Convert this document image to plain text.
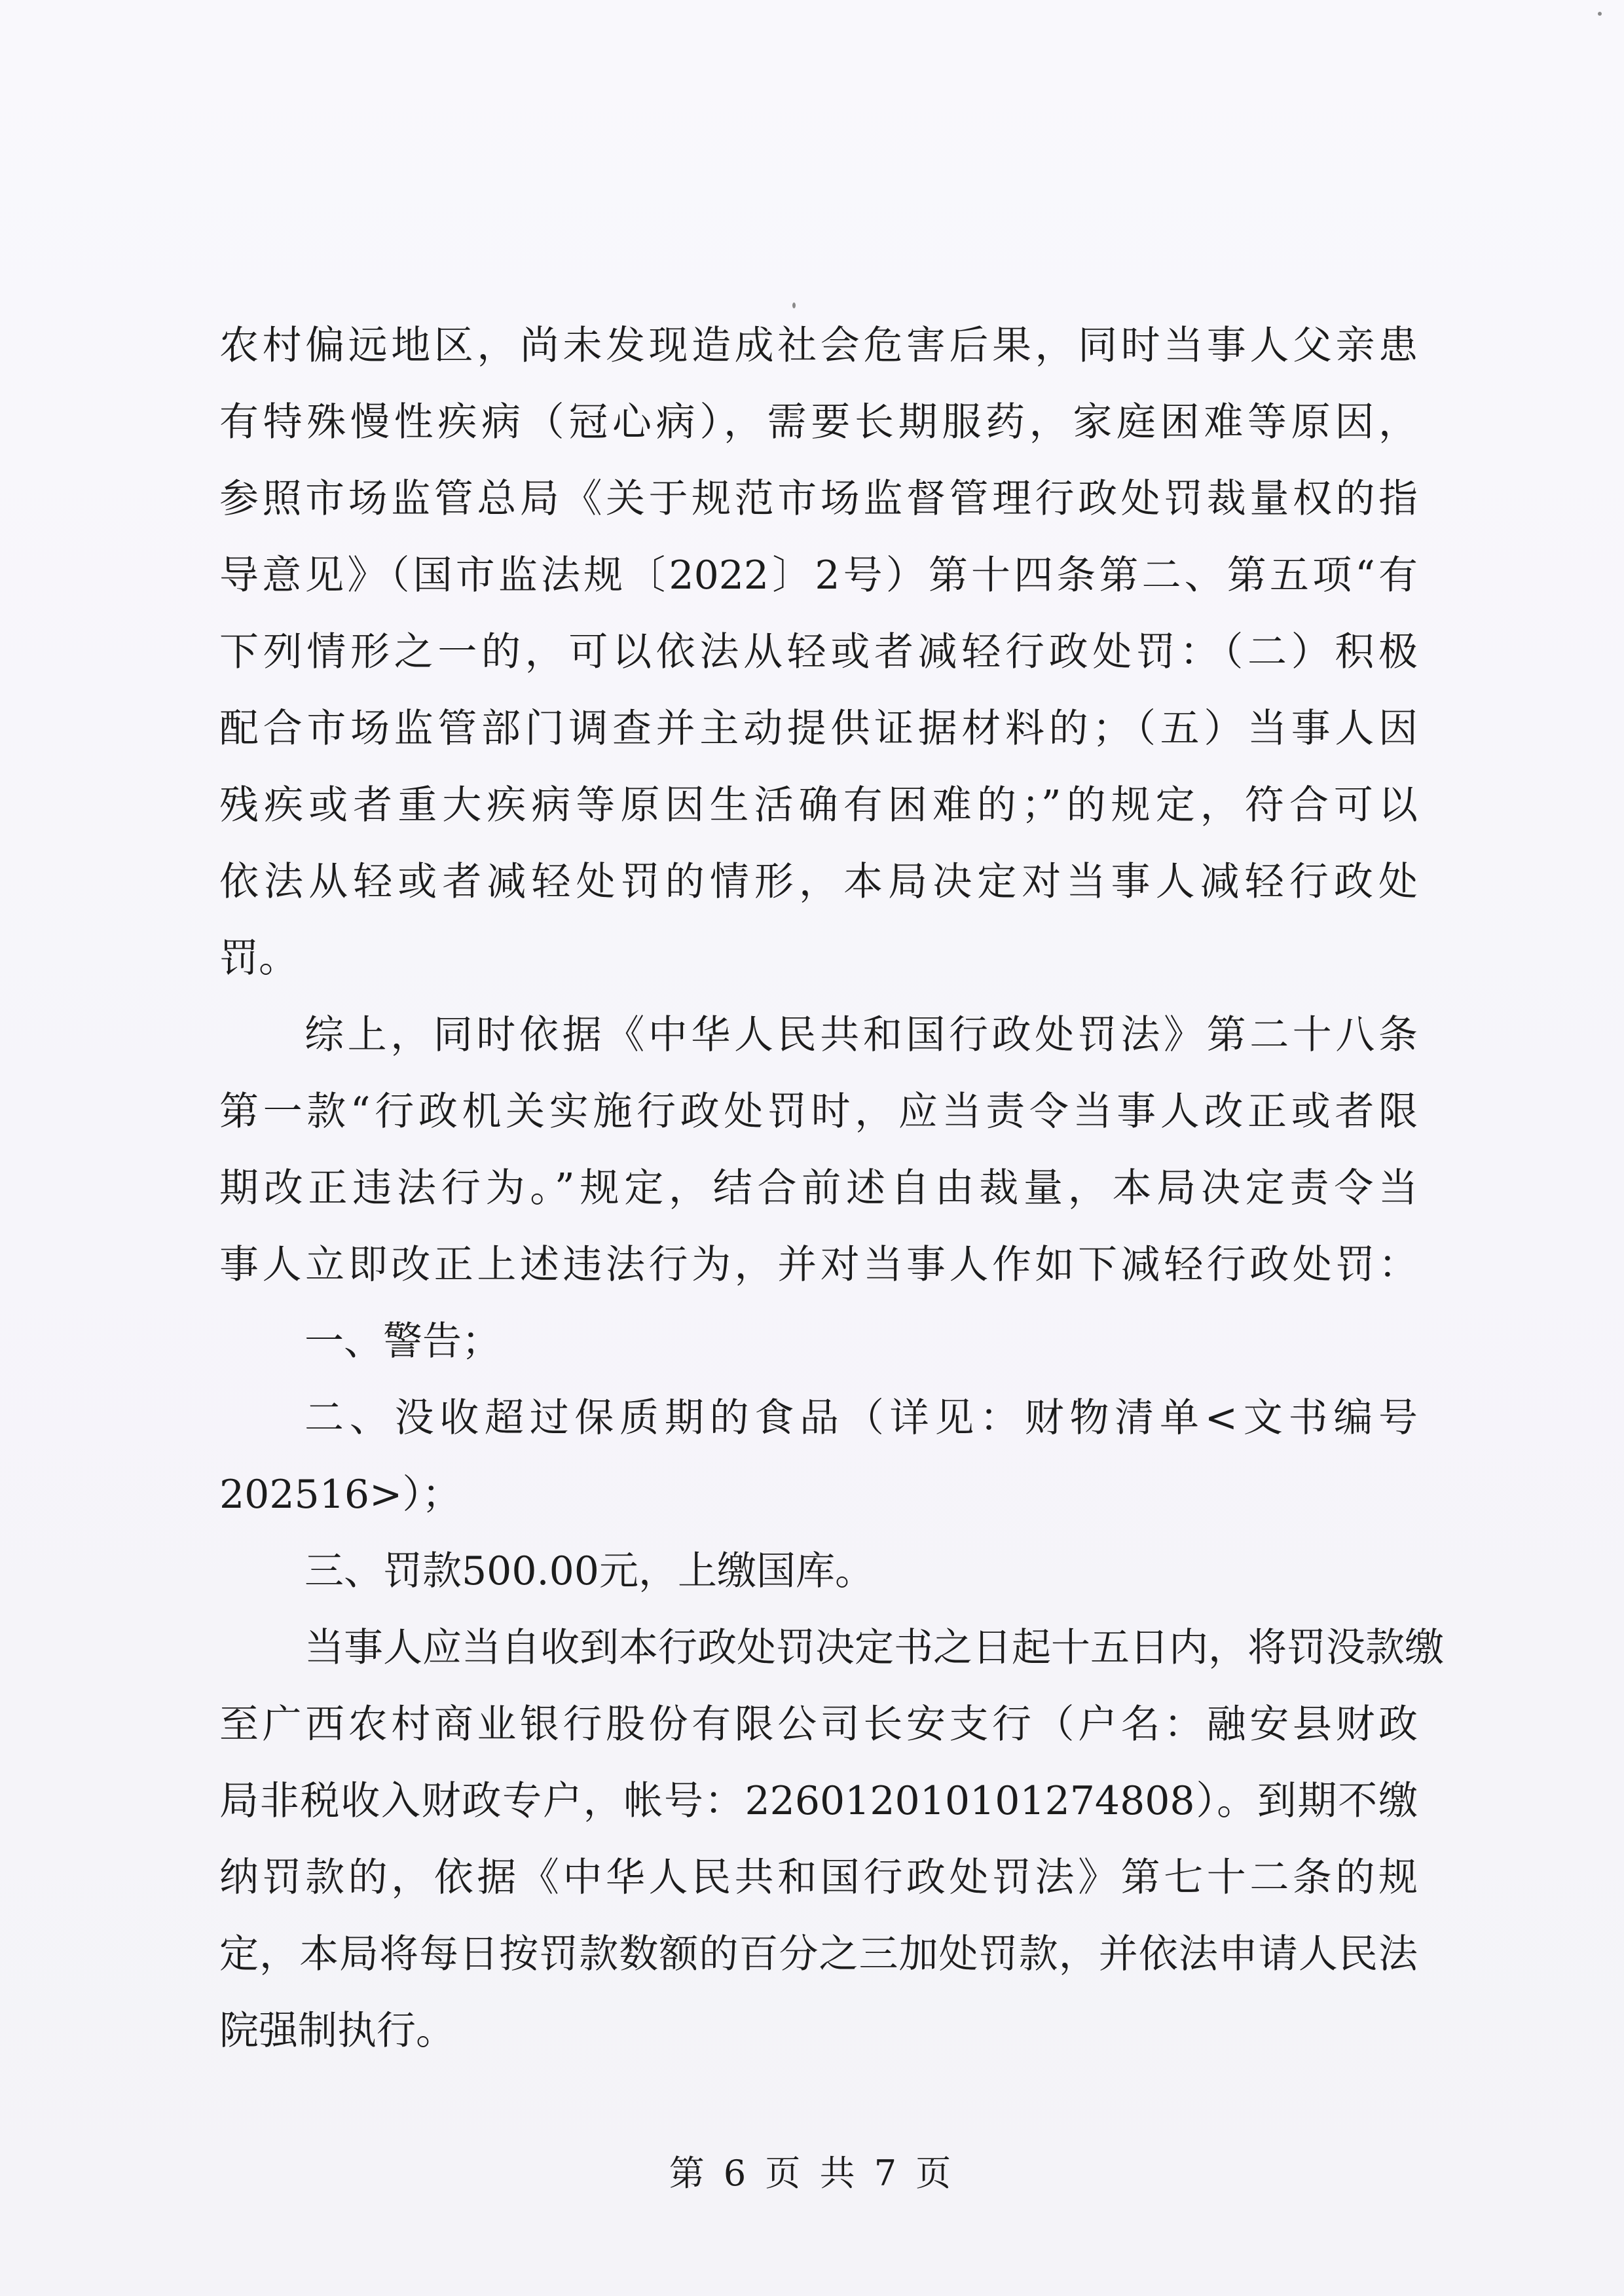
农村偏远地区，尚未发现造成社会危害后果，同时当事人父亲患
有特殊慢性疾病（冠心病），需要长期服药，家庭困难等原因，
参照市场监管总局《关于规范市场监督管理行政处罚裁量权的指
导意见》（国市监法规〔2022〕2号）第十四条第二、第五项“有
下列情形之一的，可以依法从轻或者减轻行政处罚：（二）积极
配合市场监管部门调查并主动提供证据材料的；（五）当事人因
残疾或者重大疾病等原因生活确有困难的；”的规定，符合可以
依法从轻或者减轻处罚的情形，本局决定对当事人减轻行政处
罚。
综上，同时依据《中华人民共和国行政处罚法》第二十八条
第一款“行政机关实施行政处罚时，应当责令当事人改正或者限
期改正违法行为。”规定，结合前述自由裁量，本局决定责令当
事人立即改正上述违法行为，并对当事人作如下减轻行政处罚：
一、警告；
二、没收超过保质期的食品（详见：财物清单<文书编号
202516>）；
三、罚款500.00元，上缴国库。
当事人应当自收到本行政处罚决定书之日起十五日内，将罚没款缴
至广西农村商业银行股份有限公司长安支行（户名：融安县财政
局非税收入财政专户，帐号：226012010101274808）。到期不缴
纳罚款的，依据《中华人民共和国行政处罚法》第七十二条的规
定，本局将每日按罚款数额的百分之三加处罚款，并依法申请人民法
院强制执行。
第 6 页 共 7 页
